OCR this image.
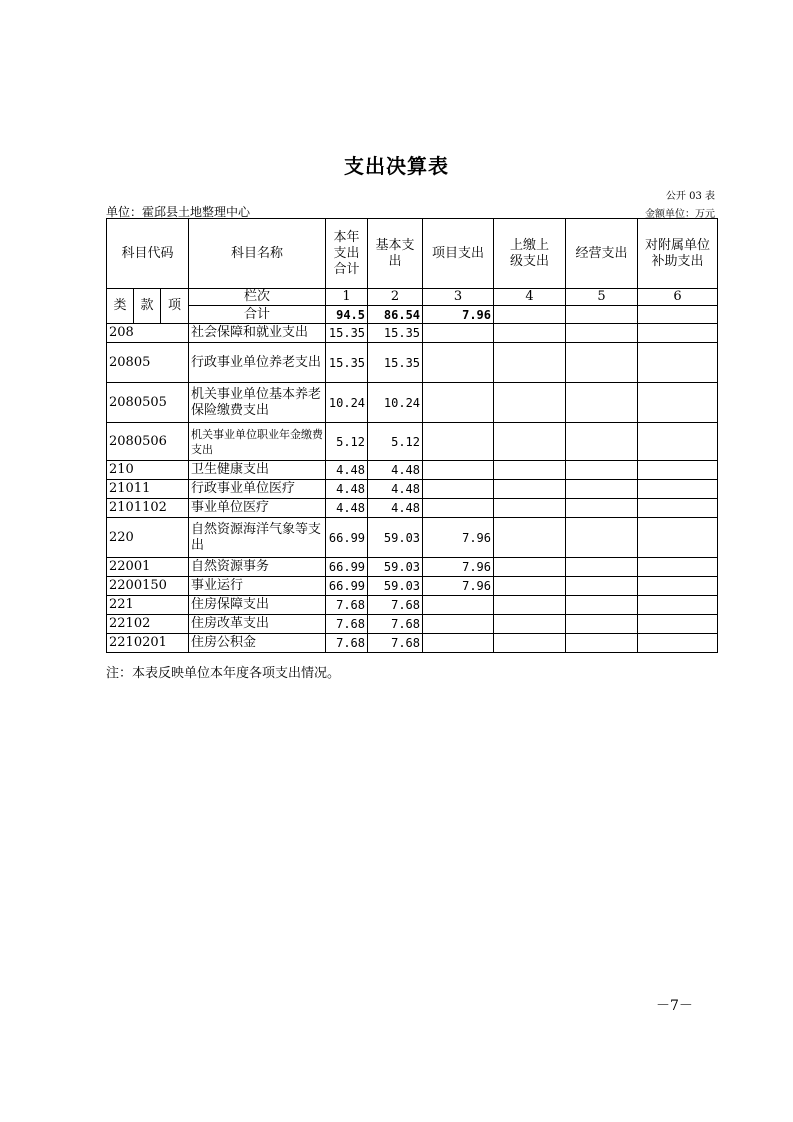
支出决算表
公开 03 表
单位：霍邱县土地整理中心	金额单位：万元
科目代码			科目名称	本年支出合计	基本支出	项目支出	上缴上级支出	经营支出	对附属单位补助支出
类	款	项	栏次	1	2	3	4	5	6
			合计	94.5	86.54	7.96			
208			社会保障和就业支出	15.35	15.35				
20805			行政事业单位养老支出	15.35	15.35				
2080505			机关事业单位基本养老保险缴费支出	10.24	10.24				
2080506			机关事业单位职业年金缴费支出	5.12	5.12				
210			卫生健康支出	4.48	4.48				
21011			行政事业单位医疗	4.48	4.48				
2101102			事业单位医疗	4.48	4.48				
220			自然资源海洋气象等支出	66.99	59.03	7.96			
22001			自然资源事务	66.99	59.03	7.96			
2200150			事业运行	66.99	59.03	7.96			
221			住房保障支出	7.68	7.68				
22102			住房改革支出	7.68	7.68				
2210201			住房公积金	7.68	7.68				
注：本表反映单位本年度各项支出情况。
－7－
